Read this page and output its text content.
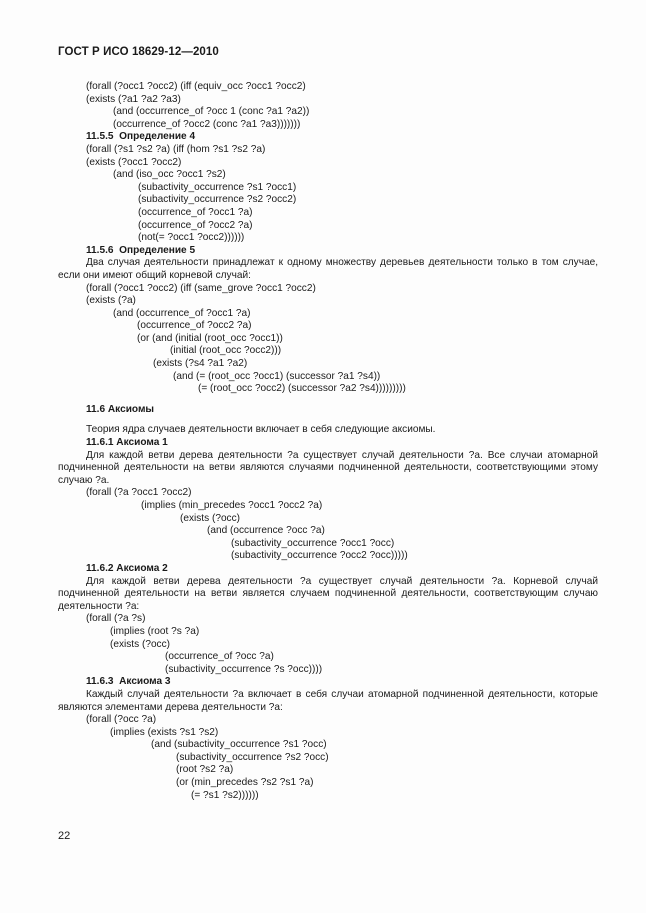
ГОСТ Р ИСО 18629-12—2010
(forall (?occ1 ?occ2) (iff (equiv_occ ?occ1 ?occ2)
(exists (?a1 ?a2 ?a3)
(and (occurrence_of ?occ 1 (conc ?a1 ?a2))
(occurrence_of ?occ2 (conc ?a1 ?a3)))))))
11.5.5  Определение 4
(forall (?s1 ?s2 ?a) (iff (hom ?s1 ?s2 ?a)
(exists (?occ1 ?occ2)
(and (iso_occ ?occ1 ?s2)
(subactivity_occurrence ?s1 ?occ1)
(subactivity_occurrence ?s2 ?occ2)
(occurrence_of ?occ1 ?a)
(occurrence_of ?occ2 ?a)
(not(= ?occ1 ?occ2))))))
11.5.6  Определение 5
Два случая деятельности принадлежат к одному множеству деревьев деятельности только в том случае, если они имеют общий корневой случай:
(forall (?occ1 ?occ2) (iff (same_grove ?occ1 ?occ2)
(exists (?a)
(and (occurrence_of ?occ1 ?a)
(occurrence_of ?occ2 ?a)
(or (and (initial (root_occ ?occ1))
(initial (root_occ ?occ2)))
(exists (?s4 ?a1 ?a2)
(and (= (root_occ ?occ1) (successor ?a1 ?s4))
(= (root_occ ?occ2) (successor ?a2 ?s4)))))))))
11.6 Аксиомы
Теория ядра случаев деятельности включает в себя следующие аксиомы.
11.6.1 Аксиома 1
Для каждой ветви дерева деятельности ?a существует случай деятельности ?a. Все случаи атомарной подчиненной деятельности на ветви являются случаями подчиненной деятельности, соответствующими этому случаю ?a.
(forall (?a ?occ1 ?occ2)
(implies (min_precedes ?occ1 ?occ2 ?a)
(exists (?occ)
(and (occurrence ?occ ?a)
(subactivity_occurrence ?occ1 ?occ)
(subactivity_occurrence ?occ2 ?occ)))))
11.6.2 Аксиома 2
Для каждой ветви дерева деятельности ?a существует случай деятельности ?a. Корневой случай подчиненной деятельности на ветви является случаем подчиненной деятельности, соответствующим случаю деятельности ?a:
(forall (?a ?s)
(implies (root ?s ?a)
(exists (?occ)
(occurrence_of ?occ ?a)
(subactivity_occurrence ?s ?occ))))
11.6.3  Аксиома 3
Каждый случай деятельности ?a включает в себя случаи атомарной подчиненной деятельности, которые являются элементами дерева деятельности ?a:
(forall (?occ ?a)
(implies (exists ?s1 ?s2)
(and (subactivity_occurrence ?s1 ?occ)
(subactivity_occurrence ?s2 ?occ)
(root ?s2 ?a)
(or (min_precedes ?s2 ?s1 ?a)
(= ?s1 ?s2))))))
22
